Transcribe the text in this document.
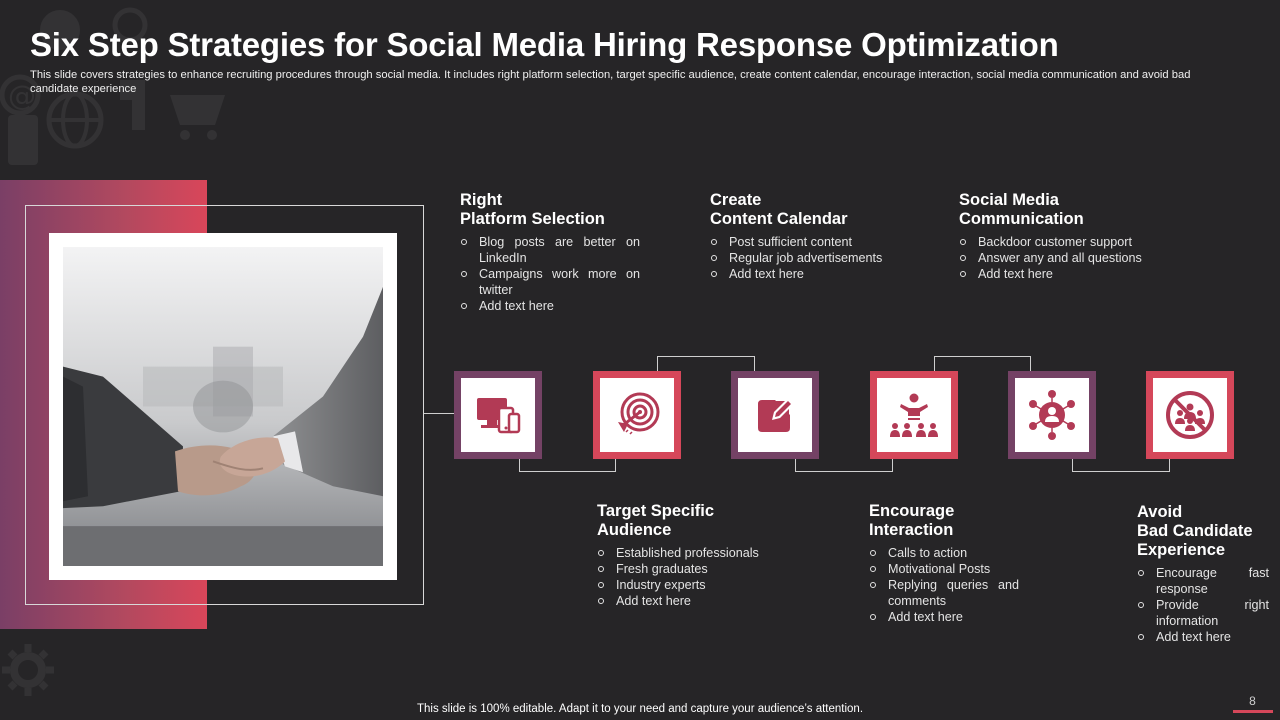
@
Six Step Strategies for Social Media Hiring Response Optimization
This slide covers strategies to enhance recruiting procedures through social media. It includes right platform selection, target specific audience, create content calendar, encourage interaction, social media communication and avoid bad candidate experience
Right
Platform Selection
Blog posts are better on LinkedIn
Campaigns work more on twitter
Add text here
Create
Content Calendar
Post sufficient content
Regular job advertisements
Add text here
Social Media
Communication
Backdoor customer support
Answer any and all questions
Add text here
Target Specific
Audience
Established professionals
Fresh graduates
Industry experts
Add text here
Encourage
Interaction
Calls to action
Motivational Posts
Replying queries and comments
Add text here
Avoid
Bad Candidate
Experience
Encourage fast response
Provide right information
Add text here
This slide is 100% editable. Adapt it to your need and capture your audience’s attention.
8
